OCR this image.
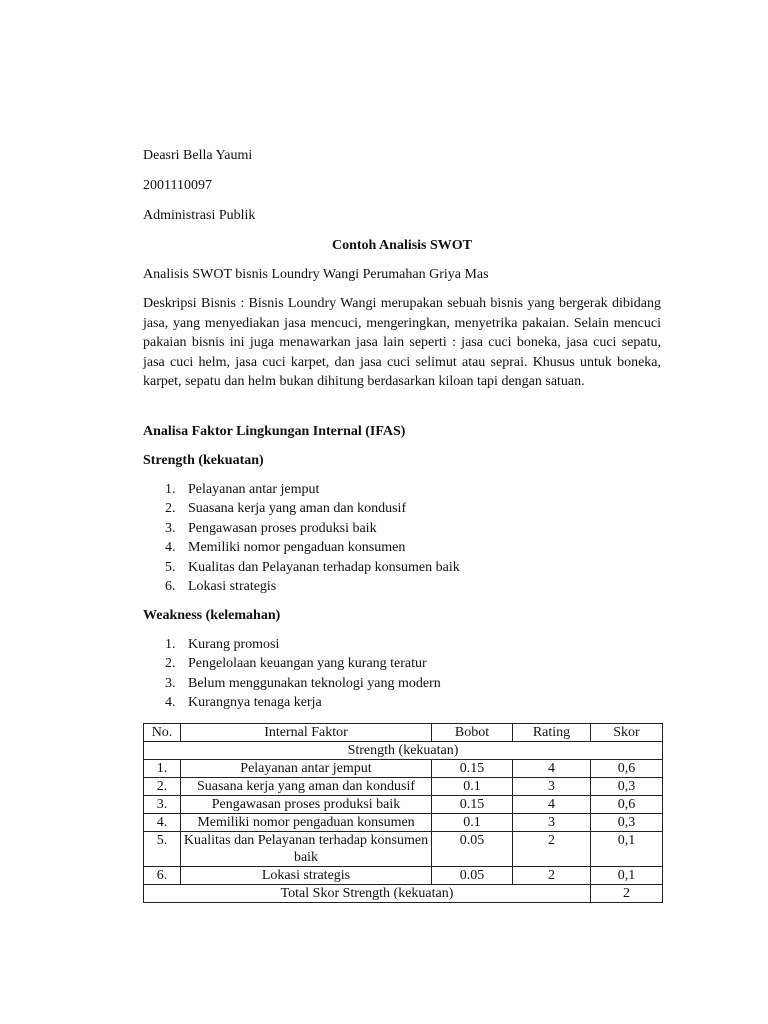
Deasri Bella Yaumi
2001110097
Administrasi Publik
Contoh Analisis SWOT
Analisis SWOT bisnis Loundry Wangi Perumahan Griya Mas
Deskripsi Bisnis : Bisnis Loundry Wangi merupakan sebuah bisnis yang bergerak dibidang jasa, yang menyediakan jasa mencuci, mengeringkan, menyetrika pakaian. Selain mencuci pakaian bisnis ini juga menawarkan jasa lain seperti : jasa cuci boneka, jasa cuci sepatu, jasa cuci helm, jasa cuci karpet, dan jasa cuci selimut atau seprai. Khusus untuk boneka, karpet, sepatu dan helm bukan dihitung berdasarkan kiloan tapi dengan satuan.
Analisa Faktor Lingkungan Internal (IFAS)
Strength (kekuatan)
1. Pelayanan antar jemput
2. Suasana kerja yang aman dan kondusif
3. Pengawasan proses produksi baik
4. Memiliki nomor pengaduan konsumen
5. Kualitas dan Pelayanan terhadap konsumen baik
6. Lokasi strategis
Weakness (kelemahan)
1. Kurang promosi
2. Pengelolaan keuangan yang kurang teratur
3. Belum menggunakan teknologi yang modern
4. Kurangnya tenaga kerja
No.	Internal Faktor	Bobot	Rating	Skor
Strength (kekuatan)				
1.	Pelayanan antar jemput	0.15	4	0,6
2.	Suasana kerja yang aman dan kondusif	0.1	3	0,3
3.	Pengawasan proses produksi baik	0.15	4	0,6
4.	Memiliki nomor pengaduan konsumen	0.1	3	0,3
5.	Kualitas dan Pelayanan terhadap konsumen baik	0.05	2	0,1
6.	Lokasi strategis	0.05	2	0,1
Total Skor Strength (kekuatan)				2
